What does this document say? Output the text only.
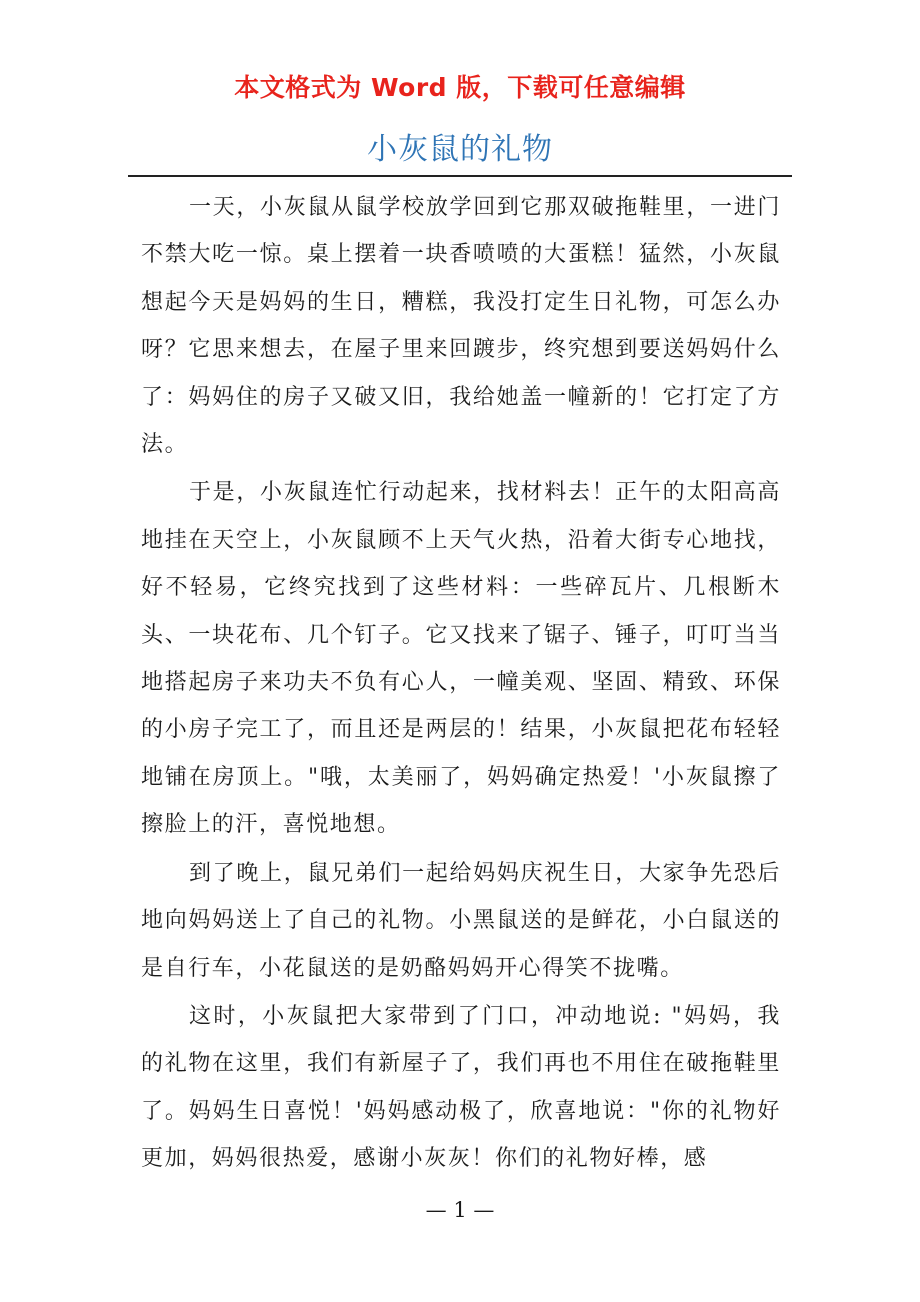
本文格式为 Word 版，下载可任意编辑
小灰鼠的礼物

一天，小灰鼠从鼠学校放学回到它那双破拖鞋里，一进门不禁大吃一惊。桌上摆着一块香喷喷的大蛋糕！猛然，小灰鼠想起今天是妈妈的生日，糟糕，我没打定生日礼物，可怎么办呀？它思来想去，在屋子里来回踱步，终究想到要送妈妈什么了：妈妈住的房子又破又旧，我给她盖一幢新的！它打定了方法。

于是，小灰鼠连忙行动起来，找材料去！正午的太阳高高地挂在天空上，小灰鼠顾不上天气火热，沿着大街专心地找，好不轻易，它终究找到了这些材料：一些碎瓦片、几根断木头、一块花布、几个钉子。它又找来了锯子、锤子，叮叮当当地搭起房子来功夫不负有心人，一幢美观、坚固、精致、环保的小房子完工了，而且还是两层的！结果，小灰鼠把花布轻轻地铺在房顶上。"哦，太美丽了，妈妈确定热爱！'小灰鼠擦了擦脸上的汗，喜悦地想。

到了晚上，鼠兄弟们一起给妈妈庆祝生日，大家争先恐后地向妈妈送上了自己的礼物。小黑鼠送的是鲜花，小白鼠送的是自行车，小花鼠送的是奶酪妈妈开心得笑不拢嘴。

这时，小灰鼠把大家带到了门口，冲动地说: "妈妈，我的礼物在这里，我们有新屋子了，我们再也不用住在破拖鞋里了。妈妈生日喜悦！'妈妈感动极了，欣喜地说："你的礼物好更加，妈妈很热爱，感谢小灰灰！你们的礼物好棒，感

— 1 —
